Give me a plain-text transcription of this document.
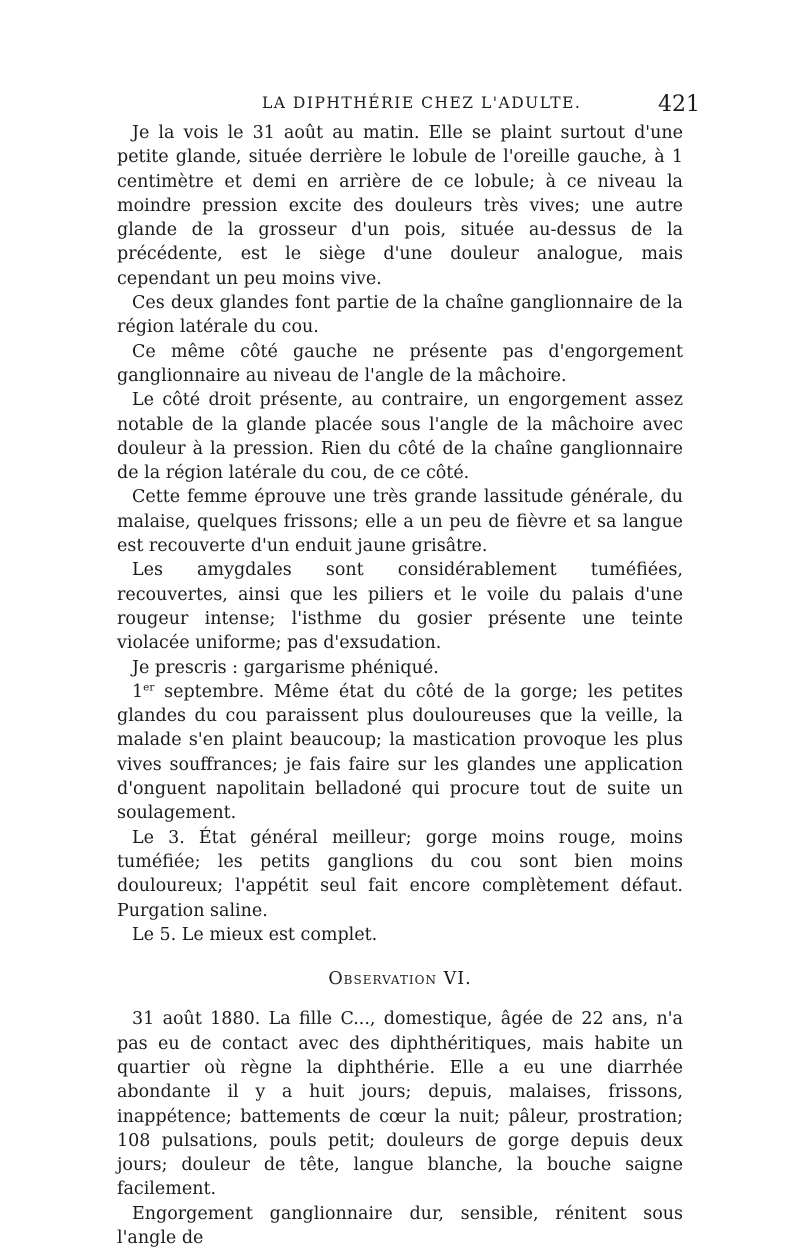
LA DIPHTHÉRIE CHEZ L'ADULTE.	421

Je la vois le 31 août au matin. Elle se plaint surtout d'une petite glande, située derrière le lobule de l'oreille gauche, à 1 centimètre et demi en arrière de ce lobule; à ce niveau la moindre pression excite des douleurs très vives; une autre glande de la grosseur d'un pois, située au-dessus de la précédente, est le siège d'une douleur analogue, mais cependant un peu moins vive.

Ces deux glandes font partie de la chaîne ganglionnaire de la région latérale du cou.

Ce même côté gauche ne présente pas d'engorgement ganglionnaire au niveau de l'angle de la mâchoire.

Le côté droit présente, au contraire, un engorgement assez notable de la glande placée sous l'angle de la mâchoire avec douleur à la pression. Rien du côté de la chaîne ganglionnaire de la région latérale du cou, de ce côté.

Cette femme éprouve une très grande lassitude générale, du malaise, quelques frissons; elle a un peu de fièvre et sa langue est recouverte d'un enduit jaune grisâtre.

Les amygdales sont considérablement tuméfiées, recouvertes, ainsi que les piliers et le voile du palais d'une rougeur intense; l'isthme du gosier présente une teinte violacée uniforme; pas d'exsudation.

Je prescris : gargarisme phéniqué.

1er septembre. Même état du côté de la gorge; les petites glandes du cou paraissent plus douloureuses que la veille, la malade s'en plaint beaucoup; la mastication provoque les plus vives souffrances; je fais faire sur les glandes une application d'onguent napolitain belladoné qui procure tout de suite un soulagement.

Le 3. État général meilleur; gorge moins rouge, moins tuméfiée; les petits ganglions du cou sont bien moins douloureux; l'appétit seul fait encore complètement défaut. Purgation saline.

Le 5. Le mieux est complet.

Observation VI.

31 août 1880. La fille C..., domestique, âgée de 22 ans, n'a pas eu de contact avec des diphthéritiques, mais habite un quartier où règne la diphthérie. Elle a eu une diarrhée abondante il y a huit jours; depuis, malaises, frissons, inappétence; battements de cœur la nuit; pâleur, prostration; 108 pulsations, pouls petit; douleurs de gorge depuis deux jours; douleur de tête, langue blanche, la bouche saigne facilement.

Engorgement ganglionnaire dur, sensible, rénitent sous l'angle de
